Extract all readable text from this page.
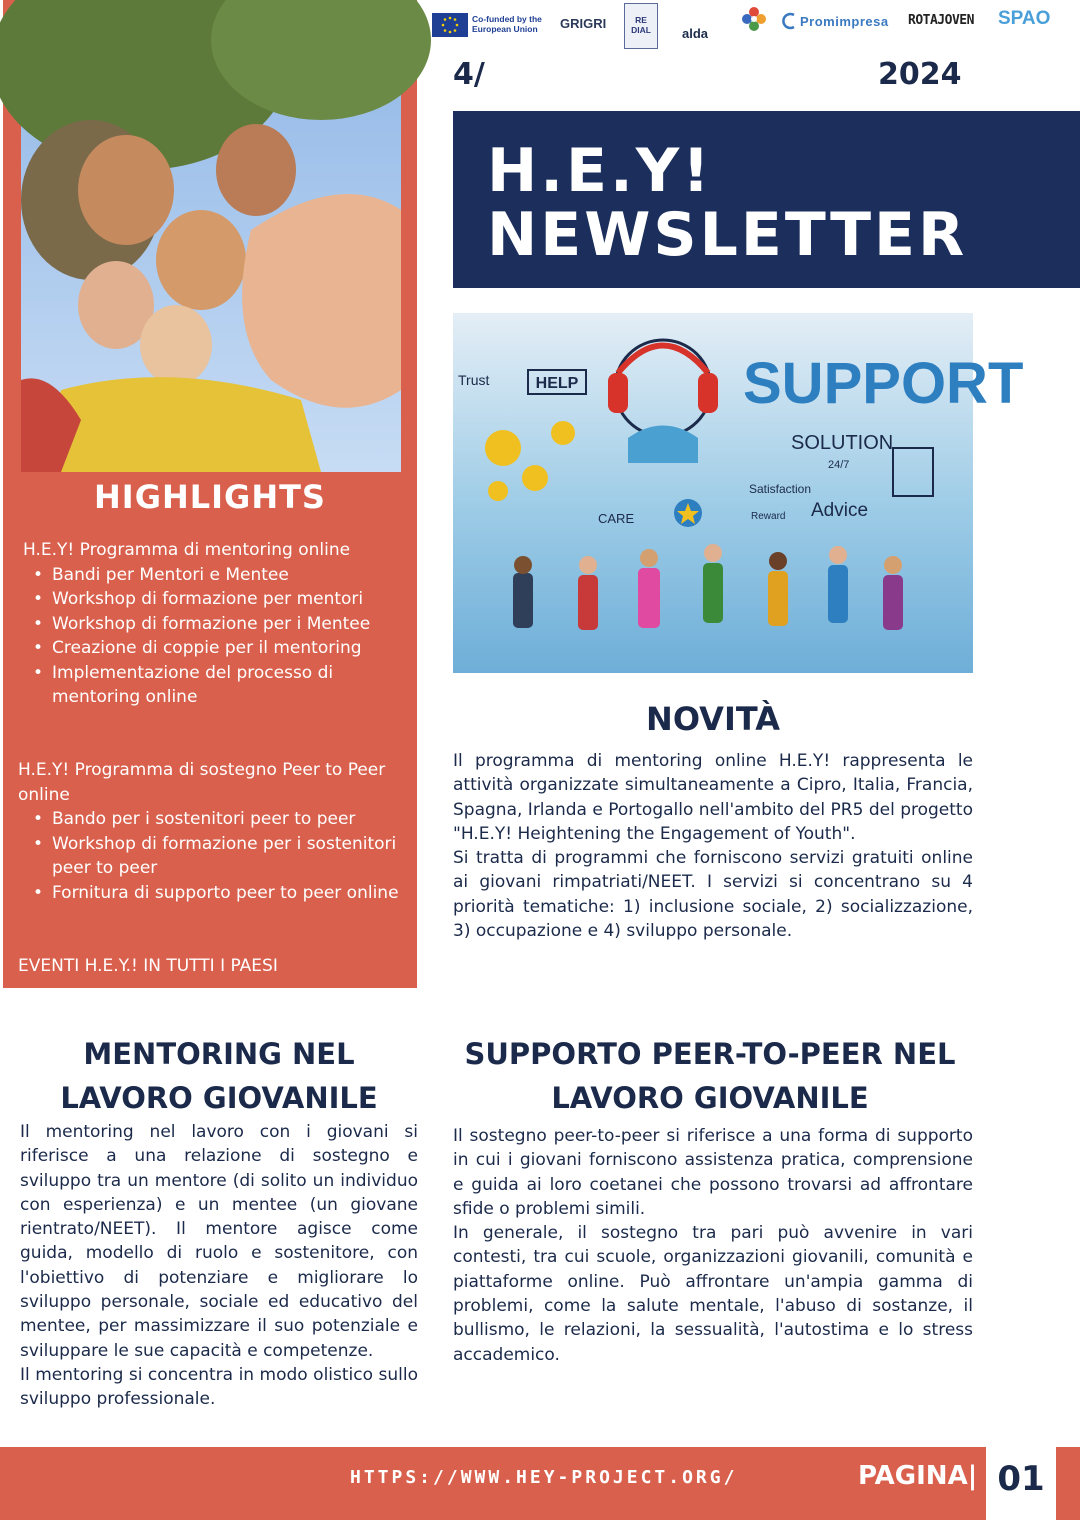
HIGHLIGHTS
H.E.Y! Programma di mentoring online
• Bandi per Mentori e Mentee
• Workshop di formazione per mentori
• Workshop di formazione per i Mentee
• Creazione di coppie per il mentoring
• Implementazione del processo di mentoring online
H.E.Y! Programma di sostegno Peer to Peer online
• Bando per i sostenitori peer to peer
• Workshop di formazione per i sostenitori peer to peer
• Fornitura di supporto peer to peer online
EVENTI H.E.Y.! IN TUTTI I PAESI
Co-funded by the European Union	GRIGRI	RE DIAL	alda
Promimpresa ROTAJOVEN SPAO
4/	2024
H.E.Y!
NEWSLETTER
HELP
Trust	SUPPORT
SOLUTION
24/7
Satisfaction
Advice
CARE	Reward
NOVITÀ

Il programma di mentoring online H.E.Y! rappresenta le attività organizzate simultaneamente a Cipro, Italia, Francia, Spagna, Irlanda e Portogallo nell'ambito del PR5 del progetto "H.E.Y! Heightening the Engagement of Youth".

Si tratta di programmi che forniscono servizi gratuiti online ai giovani rimpatriati/NEET. I servizi si concentrano su 4 priorità tematiche: 1) inclusione sociale, 2) socializzazione, 3) occupazione e 4) sviluppo personale.

MENTORING NEL
LAVORO GIOVANILE

Il mentoring nel lavoro con i giovani si riferisce a una relazione di sostegno e sviluppo tra un mentore (di solito un individuo con esperienza) e un mentee (un giovane rientrato/NEET). Il mentore agisce come guida, modello di ruolo e sostenitore, con l'obiettivo di potenziare e migliorare lo sviluppo personale, sociale ed educativo del mentee, per massimizzare il suo potenziale e sviluppare le sue capacità e competenze.

Il mentoring si concentra in modo olistico sullo sviluppo professionale.

SUPPORTO PEER-TO-PEER NEL
LAVORO GIOVANILE

Il sostegno peer-to-peer si riferisce a una forma di supporto in cui i giovani forniscono assistenza pratica, comprensione e guida ai loro coetanei che possono trovarsi ad affrontare sfide o problemi simili.

In generale, il sostegno tra pari può avvenire in vari contesti, tra cui scuole, organizzazioni giovanili, comunità e piattaforme online. Può affrontare un'ampia gamma di problemi, come la salute mentale, l'abuso di sostanze, il bullismo, le relazioni, la sessualità, l'autostima e lo stress accademico.

HTTPS://WWW.HEY-PROJECT.ORG/	PAGINA| 01
